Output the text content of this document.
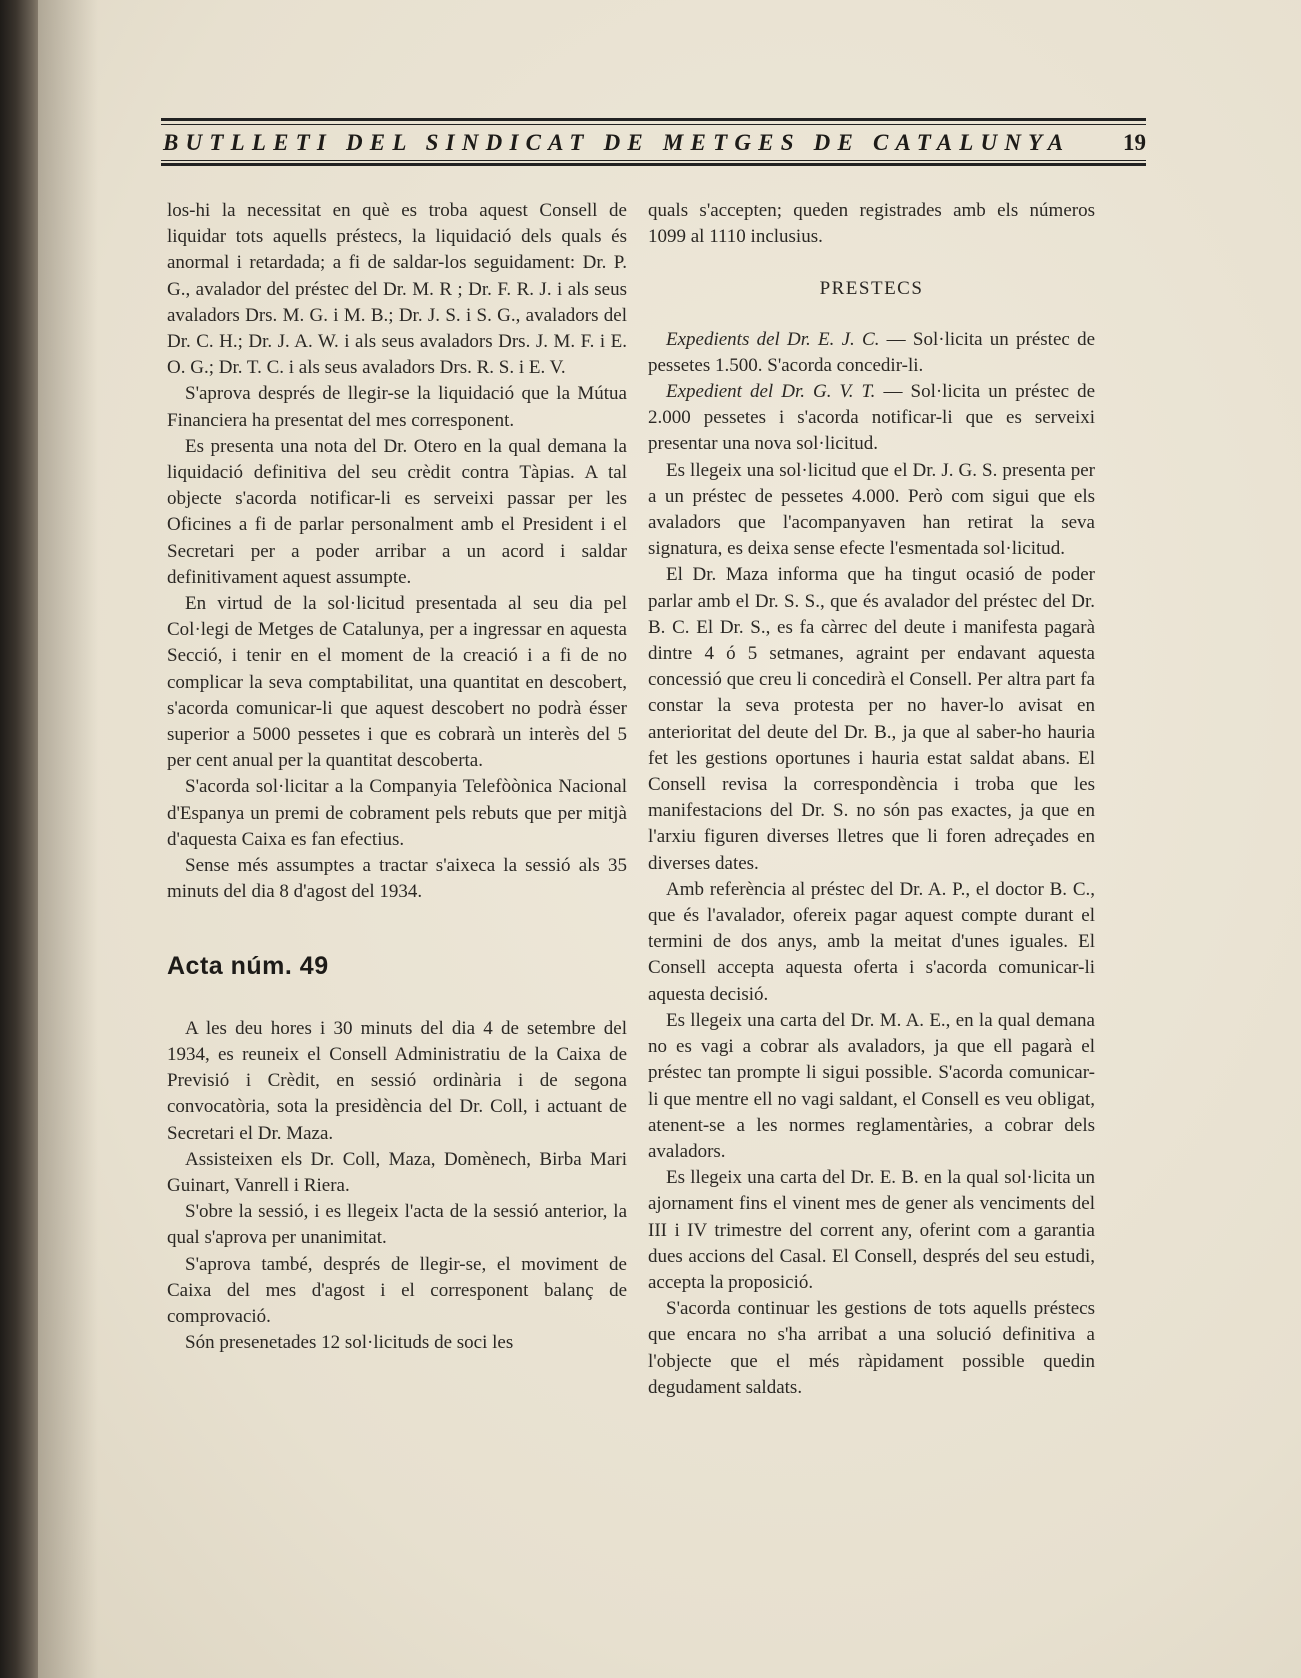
BUTLLETI DEL SINDICAT DE METGES DE CATALUNYA 19

los-hi la necessitat en què es troba aquest Consell de liquidar tots aquells préstecs, la liquidació dels quals és anormal i retardada; a fi de saldar-los seguidament: Dr. P. G., avalador del préstec del Dr. M. R ; Dr. F. R. J. i als seus avaladors Drs. M. G. i M. B.; Dr. J. S. i S. G., avaladors del Dr. C. H.; Dr. J. A. W. i als seus avaladors Drs. J. M. F. i E. O. G.; Dr. T. C. i als seus avaladors Drs. R. S. i E. V.

S'aprova després de llegir-se la liquidació que la Mútua Financiera ha presentat del mes corresponent.

Es presenta una nota del Dr. Otero en la qual demana la liquidació definitiva del seu crèdit contra Tàpias. A tal objecte s'acorda notificar-li es serveixi passar per les Oficines a fi de parlar personalment amb el President i el Secretari per a poder arribar a un acord i saldar definitivament aquest assumpte.

En virtud de la sol·licitud presentada al seu dia pel Col·legi de Metges de Catalunya, per a ingressar en aquesta Secció, i tenir en el moment de la creació i a fi de no complicar la seva comptabilitat, una quantitat en descobert, s'acorda comunicar-li que aquest descobert no podrà ésser superior a 5000 pessetes i que es cobrarà un interès del 5 per cent anual per la quantitat descoberta.

S'acorda sol·licitar a la Companyia Telefòònica Nacional d'Espanya un premi de cobrament pels rebuts que per mitjà d'aquesta Caixa es fan efectius.

Sense més assumptes a tractar s'aixeca la sessió als 35 minuts del dia 8 d'agost del 1934.

Acta núm. 49

A les deu hores i 30 minuts del dia 4 de setembre del 1934, es reuneix el Consell Administratiu de la Caixa de Previsió i Crèdit, en sessió ordinària i de segona convocatòria, sota la presidència del Dr. Coll, i actuant de Secretari el Dr. Maza.

Assisteixen els Dr. Coll, Maza, Domènech, Birba Mari Guinart, Vanrell i Riera.

S'obre la sessió, i es llegeix l'acta de la sessió anterior, la qual s'aprova per unanimitat.

S'aprova també, després de llegir-se, el moviment de Caixa del mes d'agost i el corresponent balanç de comprovació.

Són presenetades 12 sol·licituds de soci les

quals s'accepten; queden registrades amb els números 1099 al 1110 inclusius.

PRESTECS

Expedients del Dr. E. J. C. — Sol·licita un préstec de pessetes 1.500. S'acorda concedir-li.

Expedient del Dr. G. V. T. — Sol·licita un préstec de 2.000 pessetes i s'acorda notificar-li que es serveixi presentar una nova sol·licitud.

Es llegeix una sol·licitud que el Dr. J. G. S. presenta per a un préstec de pessetes 4.000. Però com sigui que els avaladors que l'acompanyaven han retirat la seva signatura, es deixa sense efecte l'esmentada sol·licitud.

El Dr. Maza informa que ha tingut ocasió de poder parlar amb el Dr. S. S., que és avalador del préstec del Dr. B. C. El Dr. S., es fa càrrec del deute i manifesta pagarà dintre 4 ó 5 setmanes, agraint per endavant aquesta concessió que creu li concedirà el Consell. Per altra part fa constar la seva protesta per no haver-lo avisat en anterioritat del deute del Dr. B., ja que al saber-ho hauria fet les gestions oportunes i hauria estat saldat abans. El Consell revisa la correspondència i troba que les manifestacions del Dr. S. no són pas exactes, ja que en l'arxiu figuren diverses lletres que li foren adreçades en diverses dates.

Amb referència al préstec del Dr. A. P., el doctor B. C., que és l'avalador, ofereix pagar aquest compte durant el termini de dos anys, amb la meitat d'unes iguales. El Consell accepta aquesta oferta i s'acorda comunicar-li aquesta decisió.

Es llegeix una carta del Dr. M. A. E., en la qual demana no es vagi a cobrar als avaladors, ja que ell pagarà el préstec tan prompte li sigui possible. S'acorda comunicar-li que mentre ell no vagi saldant, el Consell es veu obligat, atenent-se a les normes reglamentàries, a cobrar dels avaladors.

Es llegeix una carta del Dr. E. B. en la qual sol·licita un ajornament fins el vinent mes de gener als venciments del III i IV trimestre del corrent any, oferint com a garantia dues accions del Casal. El Consell, després del seu estudi, accepta la proposició.

S'acorda continuar les gestions de tots aquells préstecs que encara no s'ha arribat a una solució definitiva a l'objecte que el més ràpidament possible quedin degudament saldats.
